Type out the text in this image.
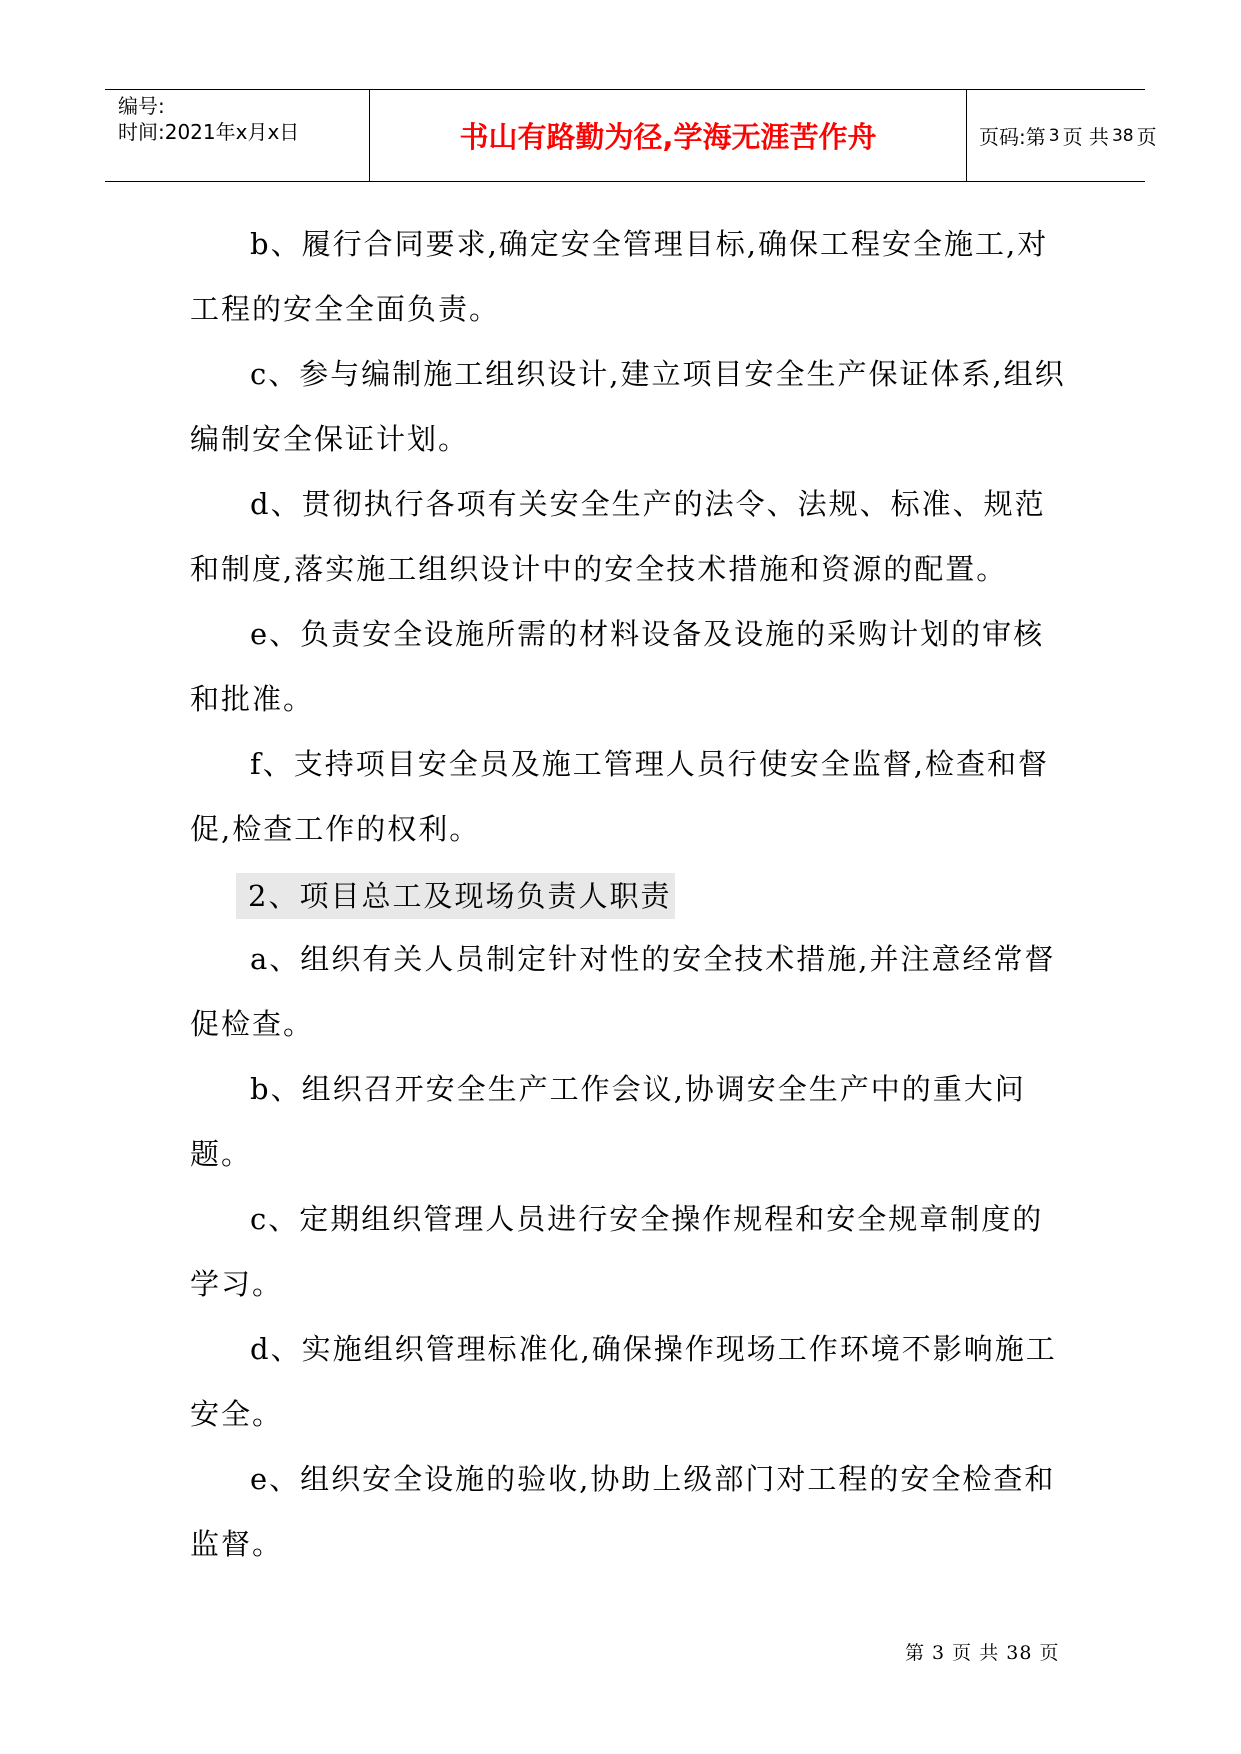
编号:
时间:2021年x月x日	书山有路勤为径,学海无涯苦作舟	页码:第 3 页 共 38 页

b、履行合同要求,确定安全管理目标,确保工程安全施工,对工程的安全全面负责。

c、参与编制施工组织设计,建立项目安全生产保证体系,组织编制安全保证计划。

d、贯彻执行各项有关安全生产的法令、法规、标准、规范和制度,落实施工组织设计中的安全技术措施和资源的配置。

e、负责安全设施所需的材料设备及设施的采购计划的审核和批准。

f、支持项目安全员及施工管理人员行使安全监督,检查和督促,检查工作的权利。

2、项目总工及现场负责人职责

a、组织有关人员制定针对性的安全技术措施,并注意经常督促检查。

b、组织召开安全生产工作会议,协调安全生产中的重大问题。

c、定期组织管理人员进行安全操作规程和安全规章制度的学习。

d、实施组织管理标准化,确保操作现场工作环境不影响施工安全。

e、组织安全设施的验收,协助上级部门对工程的安全检查和监督。

第 3 页 共 38 页
